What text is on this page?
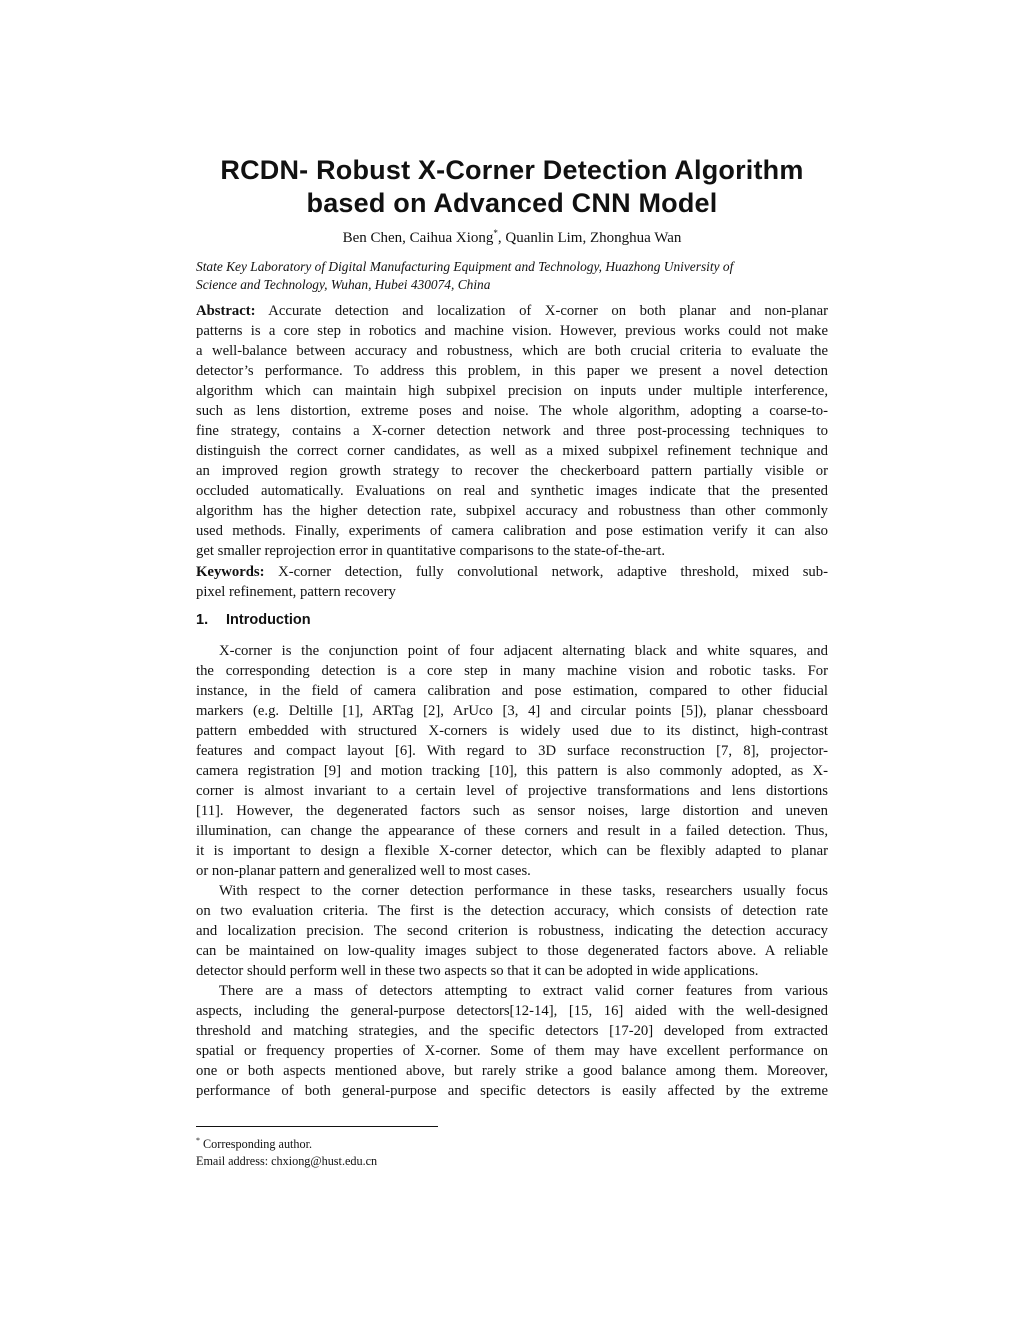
RCDN- Robust X-Corner Detection Algorithm
based on Advanced CNN Model
Ben Chen, Caihua Xiong*, Quanlin Lim, Zhonghua Wan
State Key Laboratory of Digital Manufacturing Equipment and Technology, Huazhong University of
Science and Technology, Wuhan, Hubei 430074, China
Abstract: Accurate detection and localization of X-corner on both planar and non-planar
patterns is a core step in robotics and machine vision. However, previous works could not make
a well-balance between accuracy and robustness, which are both crucial criteria to evaluate the
detector’s performance. To address this problem, in this paper we present a novel detection
algorithm which can maintain high subpixel precision on inputs under multiple interference,
such as lens distortion, extreme poses and noise. The whole algorithm, adopting a coarse-to-
fine strategy, contains a X-corner detection network and three post-processing techniques to
distinguish the correct corner candidates, as well as a mixed subpixel refinement technique and
an improved region growth strategy to recover the checkerboard pattern partially visible or
occluded automatically. Evaluations on real and synthetic images indicate that the presented
algorithm has the higher detection rate, subpixel accuracy and robustness than other commonly
used methods. Finally, experiments of camera calibration and pose estimation verify it can also
get smaller reprojection error in quantitative comparisons to the state-of-the-art.
Keywords: X-corner detection, fully convolutional network, adaptive threshold, mixed sub-
pixel refinement, pattern recovery
1. Introduction
X-corner is the conjunction point of four adjacent alternating black and white squares, and
the corresponding detection is a core step in many machine vision and robotic tasks. For
instance, in the field of camera calibration and pose estimation, compared to other fiducial
markers (e.g. Deltille [1], ARTag [2], ArUco [3, 4] and circular points [5]), planar chessboard
pattern embedded with structured X-corners is widely used due to its distinct, high-contrast
features and compact layout [6]. With regard to 3D surface reconstruction [7, 8], projector-
camera registration [9] and motion tracking [10], this pattern is also commonly adopted, as X-
corner is almost invariant to a certain level of projective transformations and lens distortions
[11]. However, the degenerated factors such as sensor noises, large distortion and uneven
illumination, can change the appearance of these corners and result in a failed detection. Thus,
it is important to design a flexible X-corner detector, which can be flexibly adapted to planar
or non-planar pattern and generalized well to most cases.
With respect to the corner detection performance in these tasks, researchers usually focus
on two evaluation criteria. The first is the detection accuracy, which consists of detection rate
and localization precision. The second criterion is robustness, indicating the detection accuracy
can be maintained on low-quality images subject to those degenerated factors above. A reliable
detector should perform well in these two aspects so that it can be adopted in wide applications.
There are a mass of detectors attempting to extract valid corner features from various
aspects, including the general-purpose detectors[12-14], [15, 16] aided with the well-designed
threshold and matching strategies, and the specific detectors [17-20] developed from extracted
spatial or frequency properties of X-corner. Some of them may have excellent performance on
one or both aspects mentioned above, but rarely strike a good balance among them. Moreover,
performance of both general-purpose and specific detectors is easily affected by the extreme
* Corresponding author.
Email address: chxiong@hust.edu.cn
